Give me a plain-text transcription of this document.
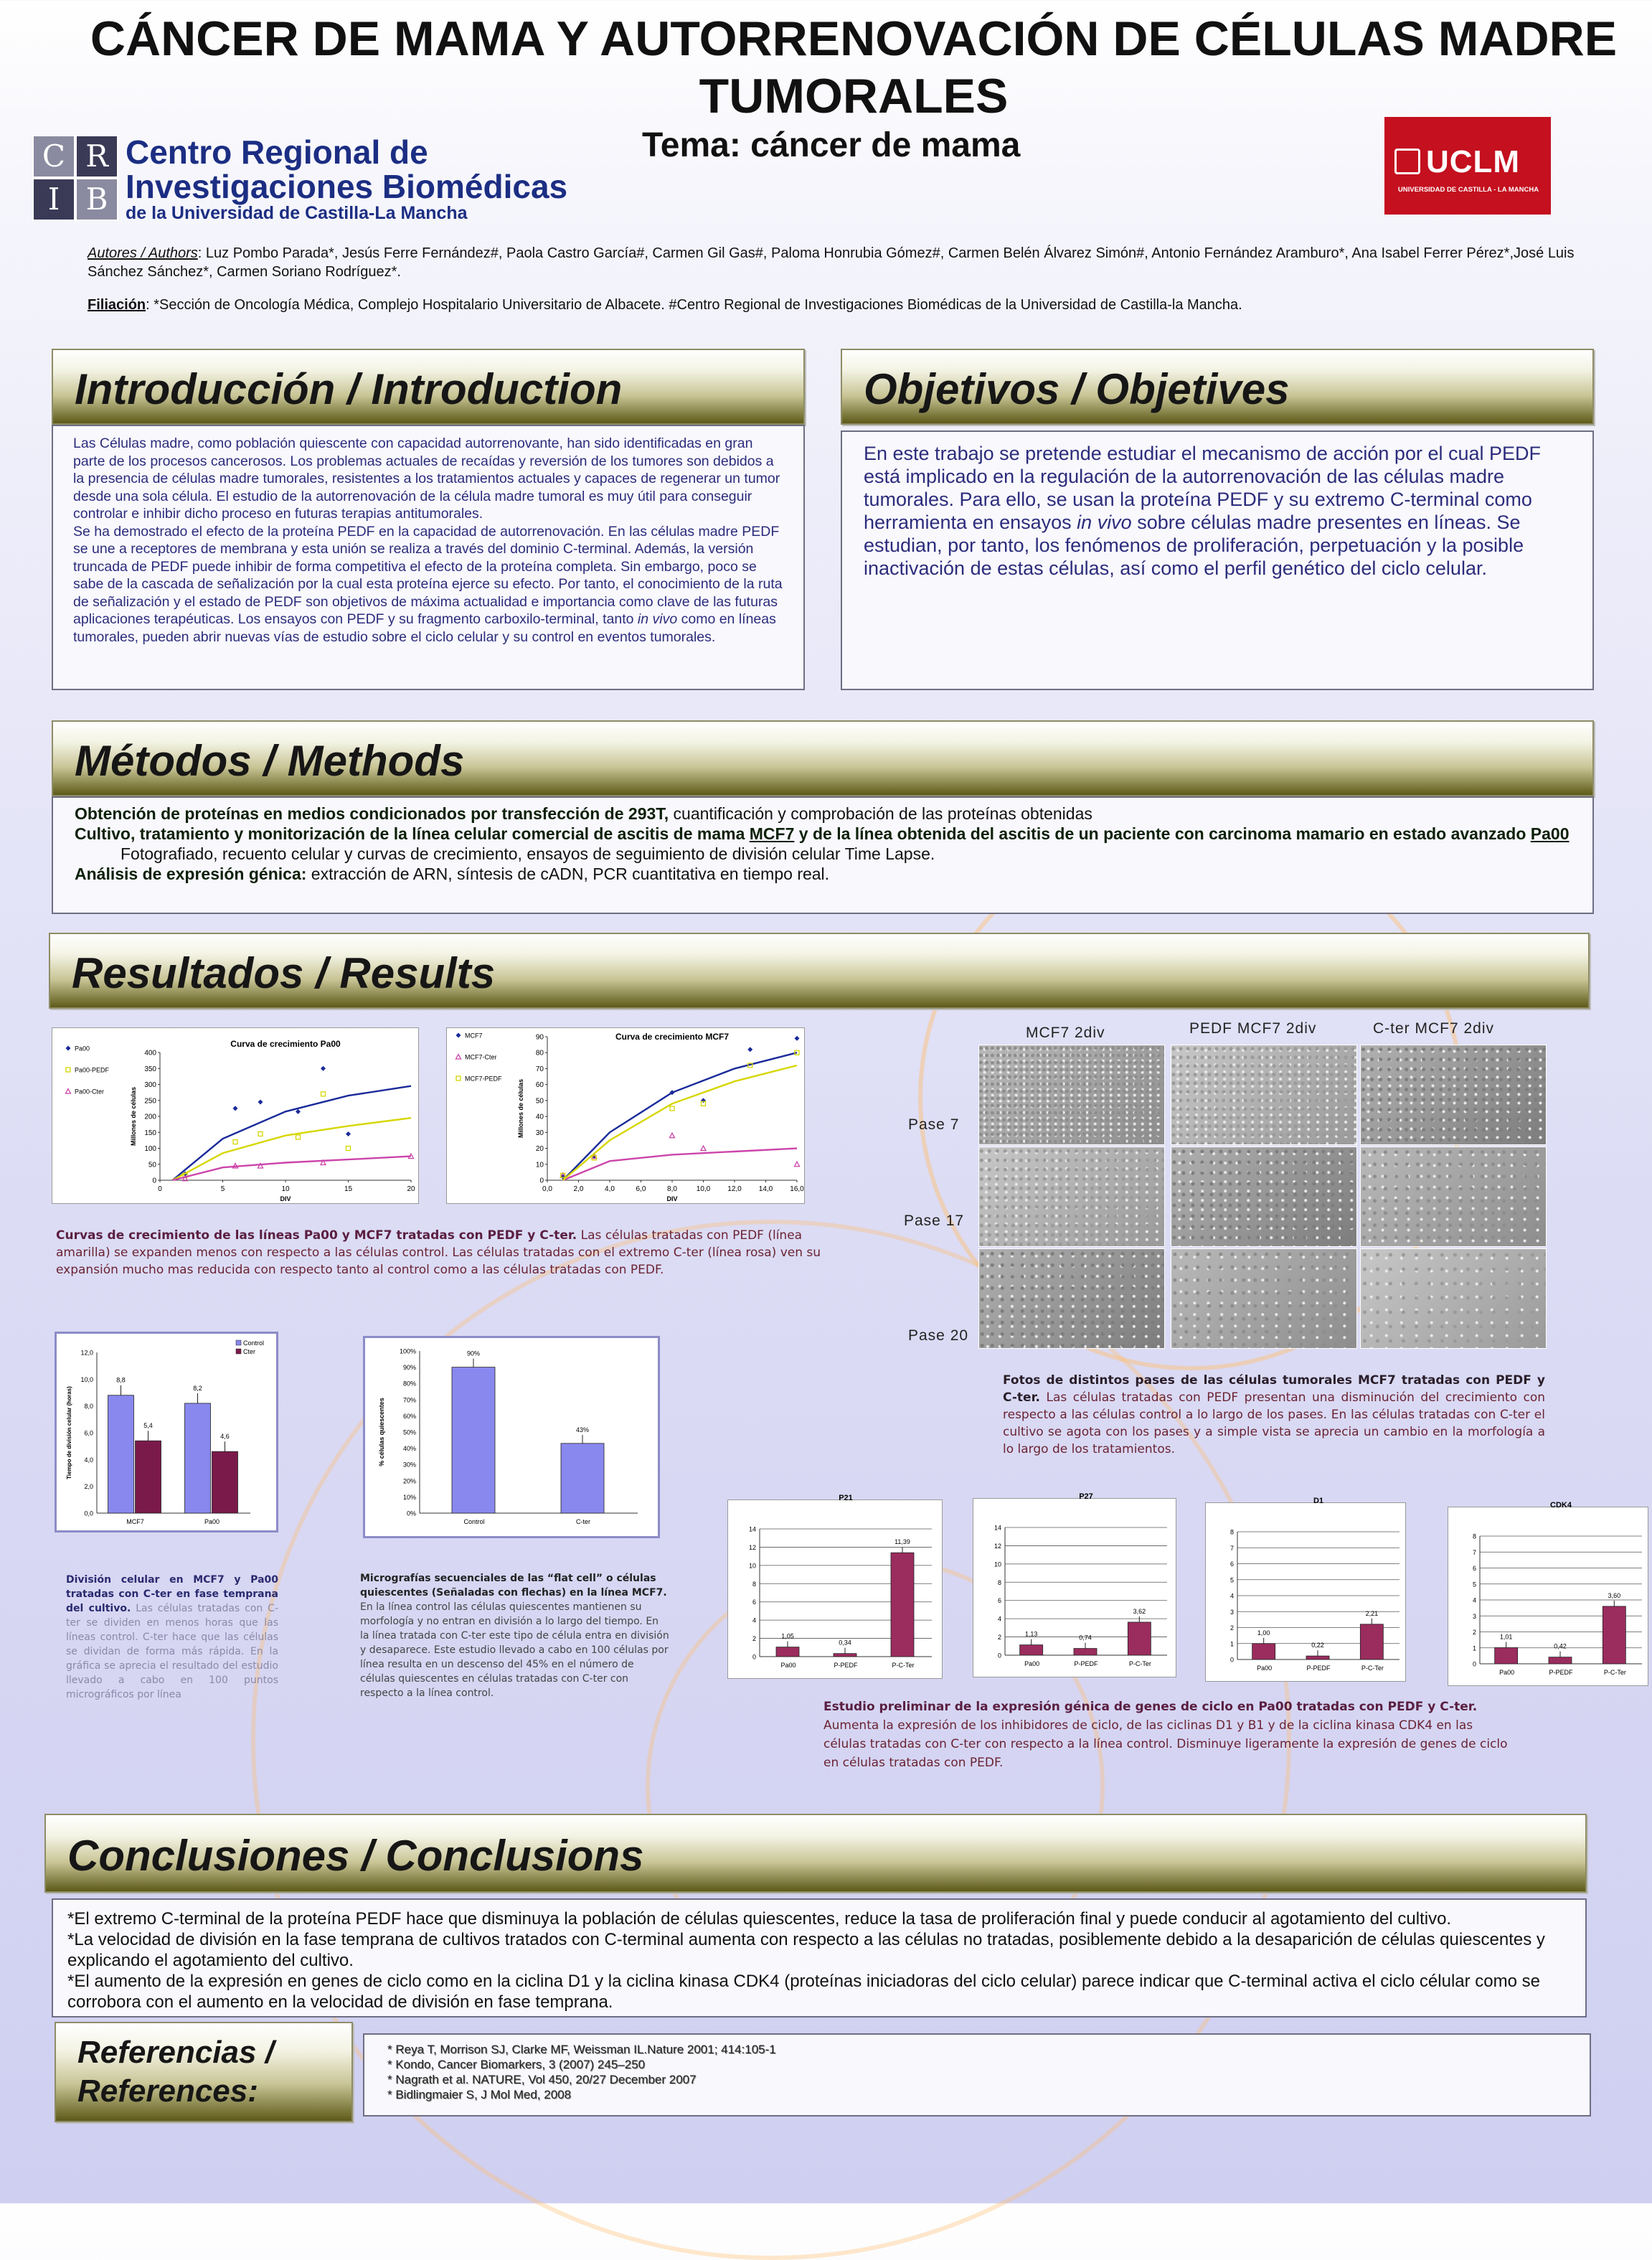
CÁNCER DE MAMA Y AUTORRENOVACIÓN DE CÉLULAS MADRE TUMORALES
Tema: cáncer de mama
C R
I B
Centro Regional de
Investigaciones Biomédicas
de la Universidad de Castilla-La Mancha
UCLM
UNIVERSIDAD DE CASTILLA - LA MANCHA
Autores / Authors: Luz Pombo Parada*, Jesús Ferre Fernández#, Paola Castro García#, Carmen Gil Gas#, Paloma Honrubia Gómez#, Carmen Belén Álvarez Simón#, Antonio Fernández Aramburo*, Ana Isabel Ferrer Pérez*,José Luis Sánchez Sánchez*, Carmen Soriano Rodríguez*.
Filiación: *Sección de Oncología Médica, Complejo Hospitalario Universitario de Albacete. #Centro Regional de Investigaciones Biomédicas de la Universidad de Castilla-la Mancha.
Introducción / Introduction
Las Células madre, como población quiescente con capacidad autorrenovante, han sido identificadas en gran parte de los procesos cancerosos. Los problemas actuales de recaídas y reversión de los tumores son debidos a la presencia de células madre tumorales, resistentes a los tratamientos actuales y capaces de regenerar un tumor desde una sola célula. El estudio de la autorrenovación de la célula madre tumoral es muy útil para conseguir controlar e inhibir dicho proceso en futuras terapias antitumorales.
Se ha demostrado el efecto de la proteína PEDF en la capacidad de autorrenovación. En las células madre PEDF se une a receptores de membrana y esta unión se realiza a través del dominio C-terminal. Además, la versión truncada de PEDF puede inhibir de forma competitiva el efecto de la proteína completa. Sin embargo, poco se sabe de la cascada de señalización por la cual esta proteína ejerce su efecto. Por tanto, el conocimiento de la ruta de señalización y el estado de PEDF son objetivos de máxima actualidad e importancia como clave de las futuras aplicaciones terapéuticas. Los ensayos con PEDF y su fragmento carboxilo-terminal, tanto in vivo como en líneas tumorales, pueden abrir nuevas vías de estudio sobre el ciclo celular y su control en eventos tumorales.
Objetivos / Objetives
En este trabajo se pretende estudiar el mecanismo de acción por el cual PEDF está implicado en la regulación de la autorrenovación de las células madre tumorales. Para ello, se usan la proteína PEDF y su extremo C-terminal como herramienta en ensayos in vivo sobre células madre presentes en líneas. Se estudian, por tanto, los fenómenos de proliferación, perpetuación y la posible inactivación de estas células, así como el perfil genético del ciclo celular.
Métodos / Methods
Obtención de proteínas en medios condicionados por transfección de 293T, cuantificación y comprobación de las proteínas obtenidas
Cultivo, tratamiento y monitorización de la línea celular comercial de ascitis de mama MCF7 y de la línea obtenida del ascitis de un paciente con carcinoma mamario en estado avanzado Pa00
Fotografiado, recuento celular y curvas de crecimiento, ensayos de seguimiento de división celular Time Lapse.
Análisis de expresión génica: extracción de ARN, síntesis de cADN, PCR cuantitativa en tiempo real.
Resultados / Results
Curva de crecimiento Pa00
0
50
100
150
200
250
300
350
400
0	5	10	15	20
DIV
Millones de células
Pa00
Pa00-PEDF
Pa00-Cter
Curva de crecimiento MCF7
0
10
20
30
40
50
60
70
80
90
0,0	2,0	4,0	6,0	8,0	10,0 12,0 14,0 16,0
DIV
Millones de células
MCF7
MCF7-Cter
MCF7-PEDF
Curvas de crecimiento de las líneas Pa00 y MCF7 tratadas con PEDF y C-ter. Las células tratadas con PEDF (línea amarilla) se expanden menos con respecto a las células control. Las células tratadas con el extremo C-ter (línea rosa) ven su expansión mucho mas reducida con respecto tanto al control como a las células tratadas con PEDF.
MCF7 2div	PEDF MCF7 2div	C-ter MCF7 2div
Pase 7
Pase 17
Pase 20
Fotos de distintos pases de las células tumorales MCF7 tratadas con PEDF y C-ter. Las células tratadas con PEDF presentan una disminución del crecimiento con respecto a las células control a lo largo de los pases. En las células tratadas con C-ter el cultivo se agota con los pases y a simple vista se aprecia un cambio en la morfología a lo largo de los tratamientos.
0,0
2,0
4,0
6,0
8,0
10,0
12,0
Tiempo de división celular (horas)
8,8
5,4
MCF7
8,2
4,6
Pa00
Control
Cter
División celular en MCF7 y Pa00 tratadas con C-ter en fase temprana del cultivo. Las células tratadas con C-ter se dividen en menos horas que las líneas control. C-ter hace que las células se dividan de forma más rápida. En la gráfica se aprecia el resultado del estudio llevado a cabo en 100 puntos micrográficos por línea
0%
10%
20%
30%
40%
50%
60%
70%
80%
90%
100%
% células quiescentes
90%
Control
43%
C-ter
Micrografías secuenciales de las “flat cell” o células quiescentes (Señaladas con flechas) en la línea MCF7. En la línea control las células quiescentes mantienen su morfología y no entran en división a lo largo del tiempo. En la línea tratada con C-ter este tipo de célula entra en división y desaparece. Este estudio llevado a cabo en 100 células por línea resulta en un descenso del 45% en el número de células quiescentes en células tratadas con C-ter con respecto a la línea control.
P21
0
2
4
6
8
10
12
14
1,05
Pa00
0,34
P-PEDF
11,39
P-C-Ter
P27
0
2
4
6
8
10
12
14
1,13
Pa00
0,74
P-PEDF
3,62
P-C-Ter
D1
0
1
2
3
4
5
6
7
8
1,00
Pa00
0,22
P-PEDF
2,21
P-C-Ter
CDK4
0
1
2
3
4
5
6
7
8
1,01
Pa00
0,42
P-PEDF
3,60
P-C-Ter
Estudio preliminar de la expresión génica de genes de ciclo en Pa00 tratadas con PEDF y C-ter. Aumenta la expresión de los inhibidores de ciclo, de las ciclinas D1 y B1 y de la ciclina kinasa CDK4 en las células tratadas con C-ter con respecto a la línea control. Disminuye ligeramente la expresión de genes de ciclo en células tratadas con PEDF.
Conclusiones / Conclusions
*El extremo C-terminal de la proteína PEDF hace que disminuya la población de células quiescentes, reduce la tasa de proliferación final y puede conducir al agotamiento del cultivo.
*La velocidad de división en la fase temprana de cultivos tratados con C-terminal aumenta con respecto a las células no tratadas, posiblemente debido a la desaparición de células quiescentes y explicando el agotamiento del cultivo.
*El aumento de la expresión en genes de ciclo como en la ciclina D1 y la ciclina kinasa CDK4 (proteínas iniciadoras del ciclo celular) parece indicar que C-terminal activa el ciclo célular como se corrobora con el aumento en la velocidad de división en fase temprana.
Referencias /
References:
* Reya T, Morrison SJ, Clarke MF, Weissman IL.Nature 2001; 414:105-1
* Kondo, Cancer Biomarkers, 3 (2007) 245–250
* Nagrath et al. NATURE, Vol 450, 20/27 December 2007
* Bidlingmaier S, J Mol Med, 2008
